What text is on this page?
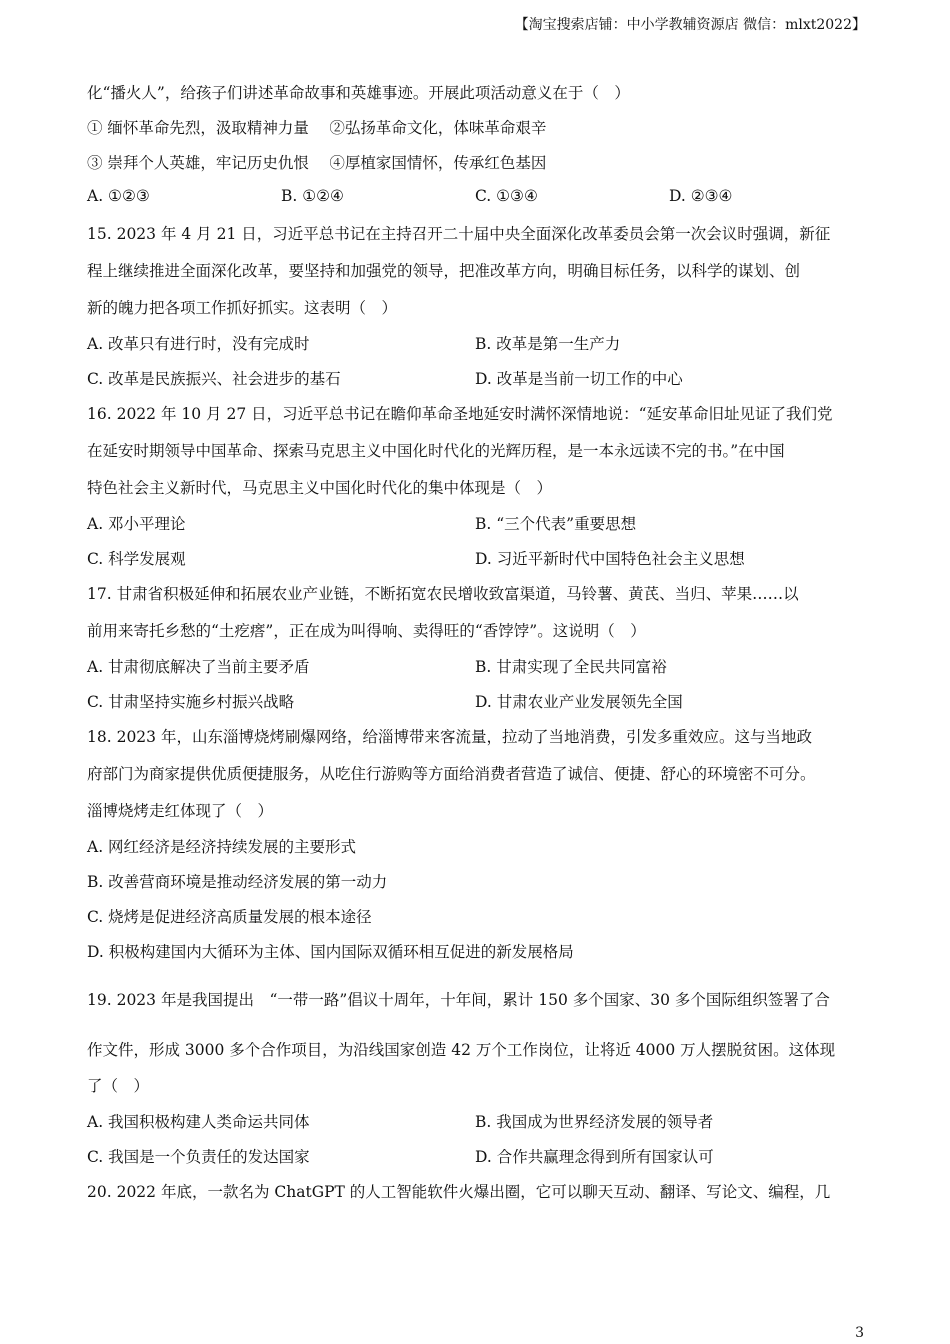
【淘宝搜索店铺：中小学教辅资源店 微信：mlxt2022】
化“播火人”，给孩子们讲述革命故事和英雄事迹。开展此项活动意义在于（　）
① 缅怀革命先烈，汲取精神力量　 ②弘扬革命文化，体味革命艰辛
③ 崇拜个人英雄，牢记历史仇恨　 ④厚植家国情怀，传承红色基因
A. ①②③	B. ①②④	C. ①③④	D. ②③④
15. 2023 年 4 月 21 日，习近平总书记在主持召开二十届中央全面深化改革委员会第一次会议时强调，新征
程上继续推进全面深化改革，要坚持和加强党的领导，把准改革方向，明确目标任务，以科学的谋划、创
新的魄力把各项工作抓好抓实。这表明（　）
A. 改革只有进行时，没有完成时	B. 改革是第一生产力
C. 改革是民族振兴、社会进步的基石	D. 改革是当前一切工作的中心
16. 2022 年 10 月 27 日，习近平总书记在瞻仰革命圣地延安时满怀深情地说：“延安革命旧址见证了我们党
在延安时期领导中国革命、探索马克思主义中国化时代化的光辉历程，是一本永远读不完的书。”在中国
特色社会主义新时代，马克思主义中国化时代化的集中体现是（　）
A. 邓小平理论	B. “三个代表”重要思想
C. 科学发展观	D. 习近平新时代中国特色社会主义思想
17. 甘肃省积极延伸和拓展农业产业链，不断拓宽农民增收致富渠道，马铃薯、黄芪、当归、苹果……以
前用来寄托乡愁的“土疙瘩”，正在成为叫得响、卖得旺的“香饽饽”。这说明（　）
A. 甘肃彻底解决了当前主要矛盾	B. 甘肃实现了全民共同富裕
C. 甘肃坚持实施乡村振兴战略	D. 甘肃农业产业发展领先全国
18. 2023 年，山东淄博烧烤刷爆网络，给淄博带来客流量，拉动了当地消费，引发多重效应。这与当地政
府部门为商家提供优质便捷服务，从吃住行游购等方面给消费者营造了诚信、便捷、舒心的环境密不可分。
淄博烧烤走红体现了（　）
A. 网红经济是经济持续发展的主要形式
B. 改善营商环境是推动经济发展的第一动力
C. 烧烤是促进经济高质量发展的根本途径
D. 积极构建国内大循环为主体、国内国际双循环相互促进的新发展格局
19. 2023 年是我国提出　“一带一路”倡议十周年，十年间，累计 150 多个国家、30 多个国际组织签署了合
作文件，形成 3000 多个合作项目，为沿线国家创造 42 万个工作岗位，让将近 4000 万人摆脱贫困。这体现
了（　）
A. 我国积极构建人类命运共同体	B. 我国成为世界经济发展的领导者
C. 我国是一个负责任的发达国家	D. 合作共赢理念得到所有国家认可
20. 2022 年底，一款名为 ChatGPT 的人工智能软件火爆出圈，它可以聊天互动、翻译、写论文、编程，几
3
